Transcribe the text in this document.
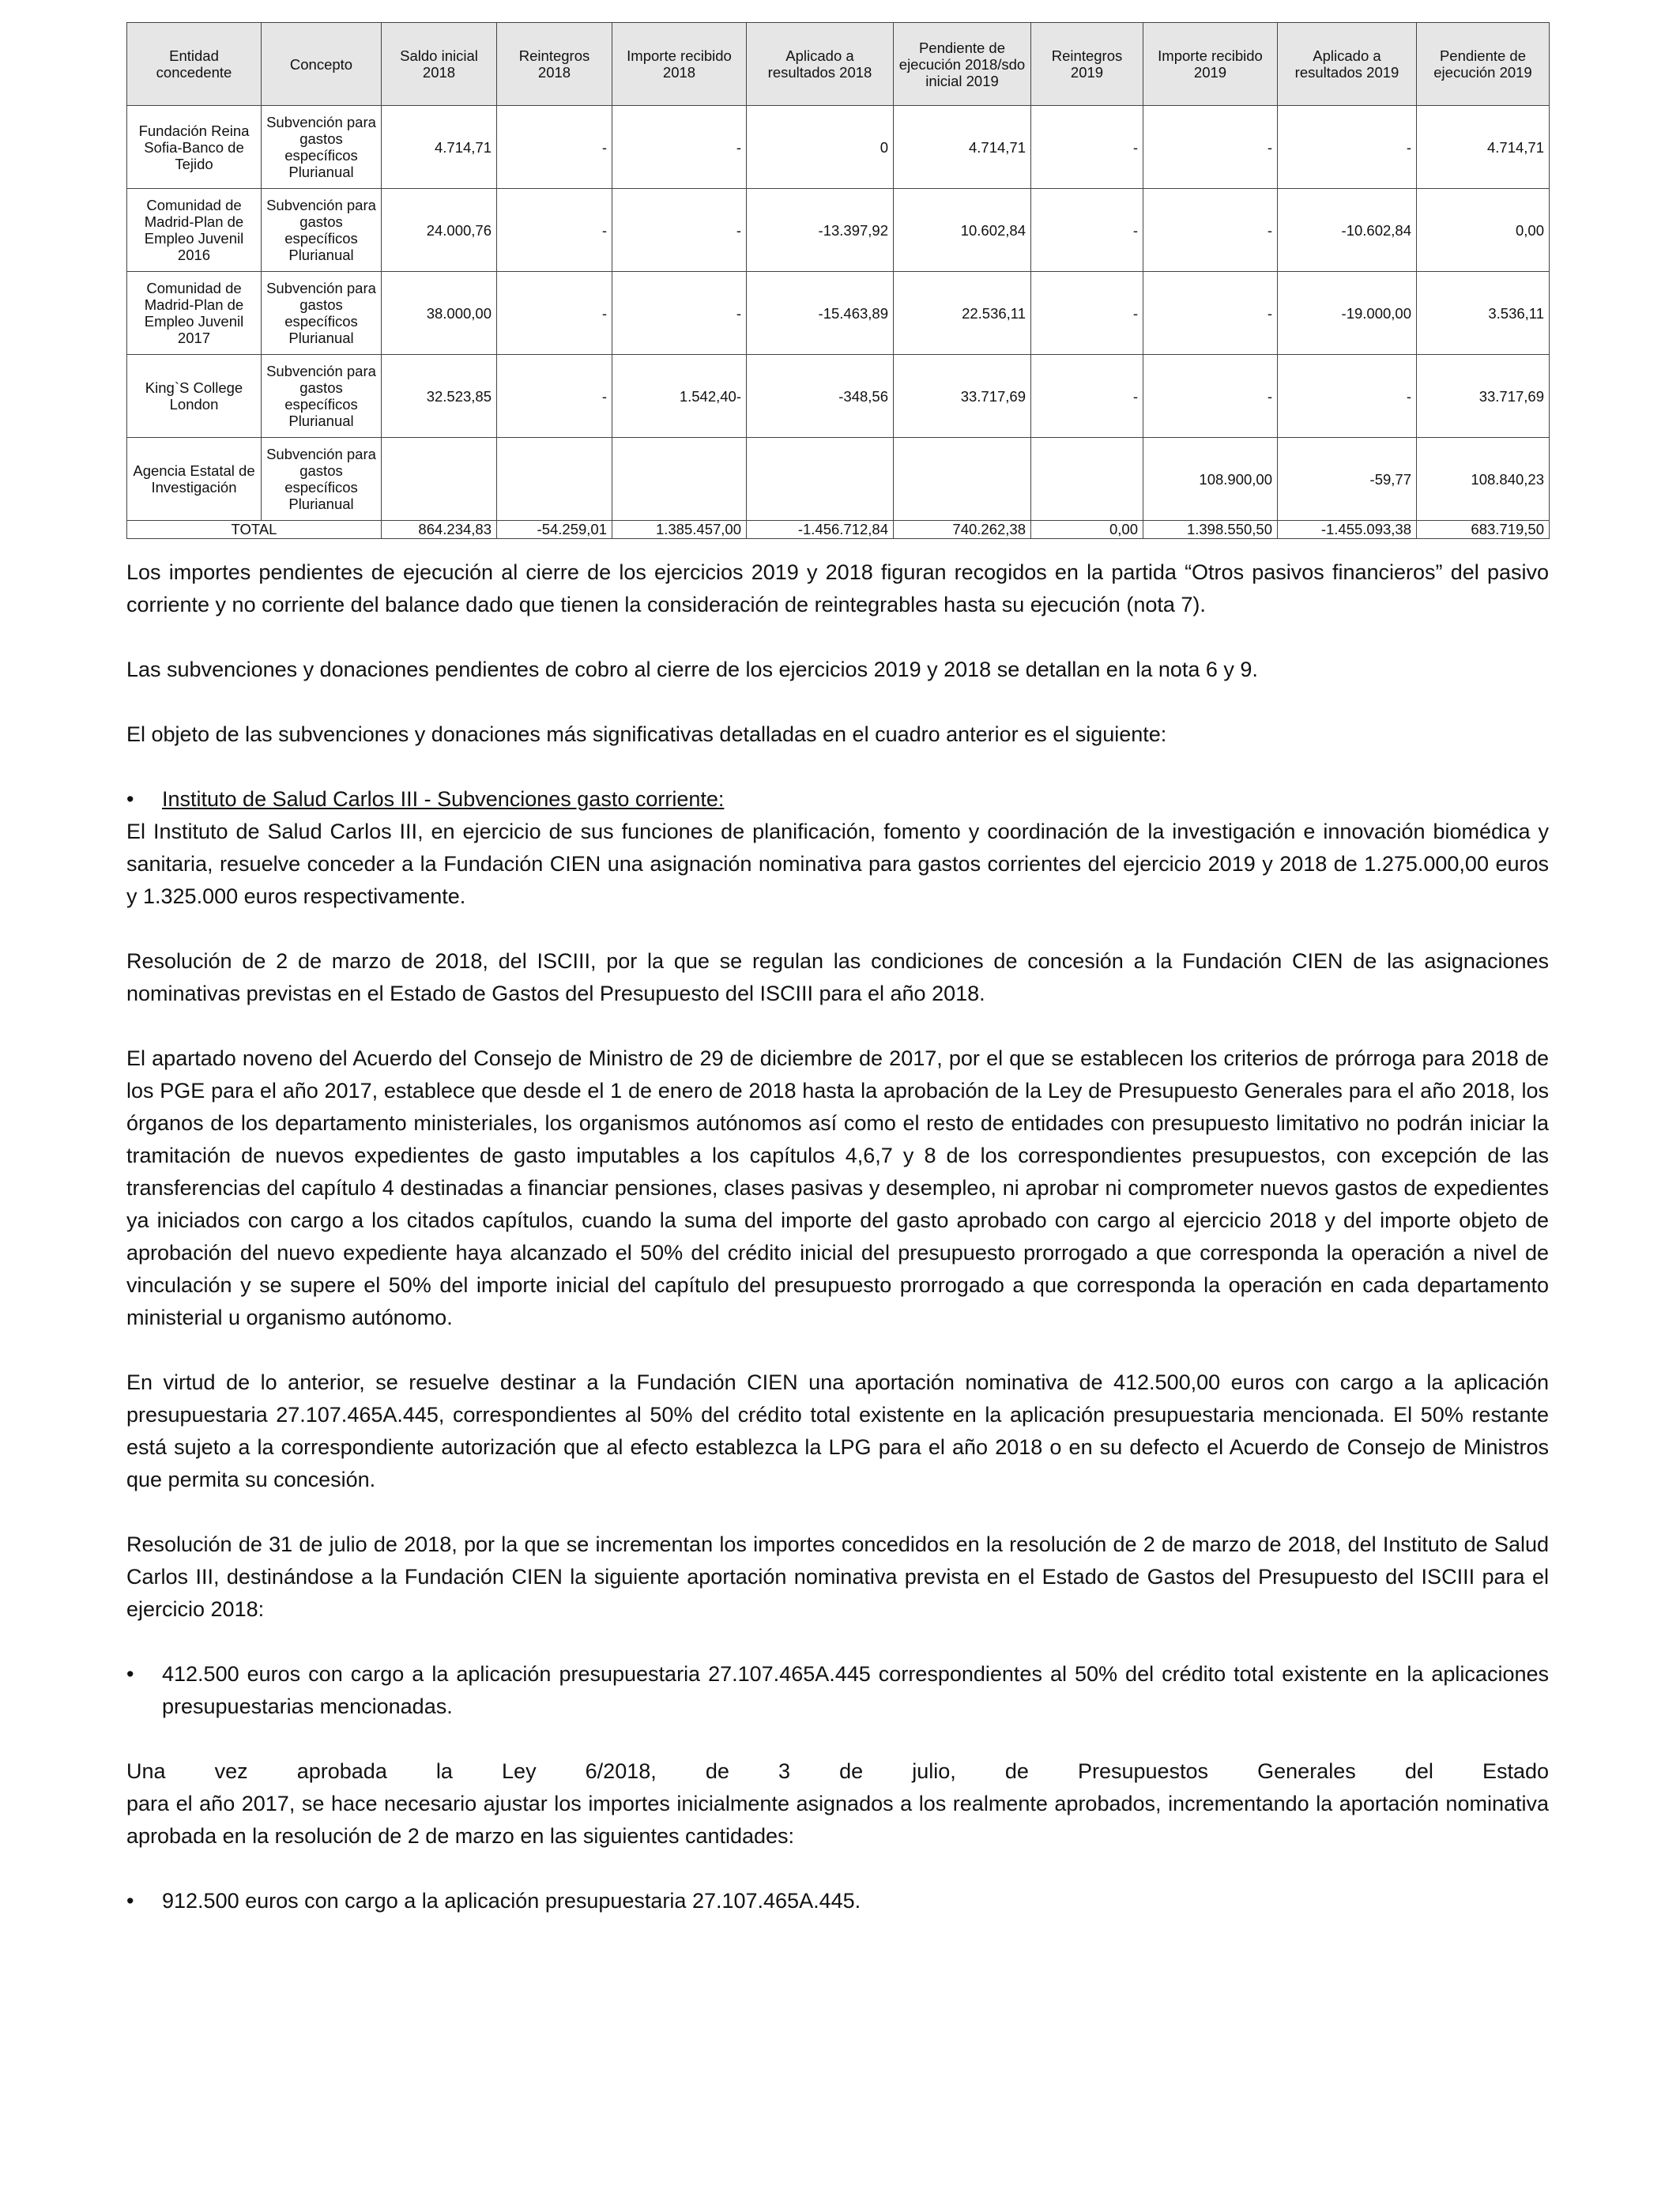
Entidad concedente	Concepto	Saldo inicial 2018	Reintegros 2018	Importe recibido 2018	Aplicado a resultados 2018	Pendiente de ejecución 2018/sdo inicial 2019	Reintegros 2019	Importe recibido 2019	Aplicado a resultados 2019	Pendiente de ejecución 2019
Fundación Reina Sofia-Banco de Tejido	Subvención para gastos específicos Plurianual	4.714,71	-	-	0	4.714,71	-	-	-	4.714,71
Comunidad de Madrid-Plan de Empleo Juvenil 2016	Subvención para gastos específicos Plurianual	24.000,76	-	-	-13.397,92	10.602,84	-	-	-10.602,84	0,00
Comunidad de Madrid-Plan de Empleo Juvenil 2017	Subvención para gastos específicos Plurianual	38.000,00	-	-	-15.463,89	22.536,11	-	-	-19.000,00	3.536,11
King`S College London	Subvención para gastos específicos Plurianual	32.523,85	-	1.542,40-	-348,56	33.717,69	-	-	-	33.717,69
Agencia Estatal de Investigación	Subvención para gastos específicos Plurianual							108.900,00	-59,77	108.840,23
TOTAL		864.234,83	-54.259,01	1.385.457,00	-1.456.712,84	740.262,38	0,00	1.398.550,50	-1.455.093,38	683.719,50

Los importes pendientes de ejecución al cierre de los ejercicios 2019 y 2018 figuran recogidos en la partida “Otros pasivos financieros” del pasivo corriente y no corriente del balance dado que tienen la consideración de reintegrables hasta su ejecución (nota 7).

Las subvenciones y donaciones pendientes de cobro al cierre de los ejercicios 2019 y 2018 se detallan en la nota 6 y 9.

El objeto de las subvenciones y donaciones más significativas detalladas en el cuadro anterior es el siguiente:

• Instituto de Salud Carlos III - Subvenciones gasto corriente:

El Instituto de Salud Carlos III, en ejercicio de sus funciones de planificación, fomento y coordinación de la investigación e innovación biomédica y sanitaria, resuelve conceder a la Fundación CIEN una asignación nominativa para gastos corrientes del ejercicio 2019 y 2018 de 1.275.000,00 euros y 1.325.000 euros respectivamente.

Resolución de 2 de marzo de 2018, del ISCIII, por la que se regulan las condiciones de concesión a la Fundación CIEN de las asignaciones nominativas previstas en el Estado de Gastos del Presupuesto del ISCIII para el año 2018.

El apartado noveno del Acuerdo del Consejo de Ministro de 29 de diciembre de 2017, por el que se establecen los criterios de prórroga para 2018 de los PGE para el año 2017, establece que desde el 1 de enero de 2018 hasta la aprobación de la Ley de Presupuesto Generales para el año 2018, los órganos de los departamento ministeriales, los organismos autónomos así como el resto de entidades con presupuesto limitativo no podrán iniciar la tramitación de nuevos expedientes de gasto imputables a los capítulos 4,6,7 y 8 de los correspondientes presupuestos, con excepción de las transferencias del capítulo 4 destinadas a financiar pensiones, clases pasivas y desempleo, ni aprobar ni comprometer nuevos gastos de expedientes ya iniciados con cargo a los citados capítulos, cuando la suma del importe del gasto aprobado con cargo al ejercicio 2018 y del importe objeto de aprobación del nuevo expediente haya alcanzado el 50% del crédito inicial del presupuesto prorrogado a que corresponda la operación a nivel de vinculación y se supere el 50% del importe inicial del capítulo del presupuesto prorrogado a que corresponda la operación en cada departamento ministerial u organismo autónomo.

En virtud de lo anterior, se resuelve destinar a la Fundación CIEN una aportación nominativa de 412.500,00 euros con cargo a la aplicación presupuestaria 27.107.465A.445, correspondientes al 50% del crédito total existente en la aplicación presupuestaria mencionada. El 50% restante está sujeto a la correspondiente autorización que al efecto establezca la LPG para el año 2018 o en su defecto el Acuerdo de Consejo de Ministros que permita su concesión.

Resolución de 31 de julio de 2018, por la que se incrementan los importes concedidos en la resolución de 2 de marzo de 2018, del Instituto de Salud Carlos III, destinándose a la Fundación CIEN la siguiente aportación nominativa prevista en el Estado de Gastos del Presupuesto del ISCIII para el ejercicio 2018:

• 412.500 euros con cargo a la aplicación presupuestaria 27.107.465A.445 correspondientes al 50% del crédito total existente en la aplicaciones presupuestarias mencionadas.
Una vez aprobada la Ley 6/2018, de 3 de julio, de Presupuestos Generales del Estado
para el año 2017, se hace necesario ajustar los importes inicialmente asignados a los realmente aprobados, incrementando la aportación nominativa aprobada en la resolución de 2 de marzo en las siguientes cantidades:
• 912.500 euros con cargo a la aplicación presupuestaria 27.107.465A.445.
